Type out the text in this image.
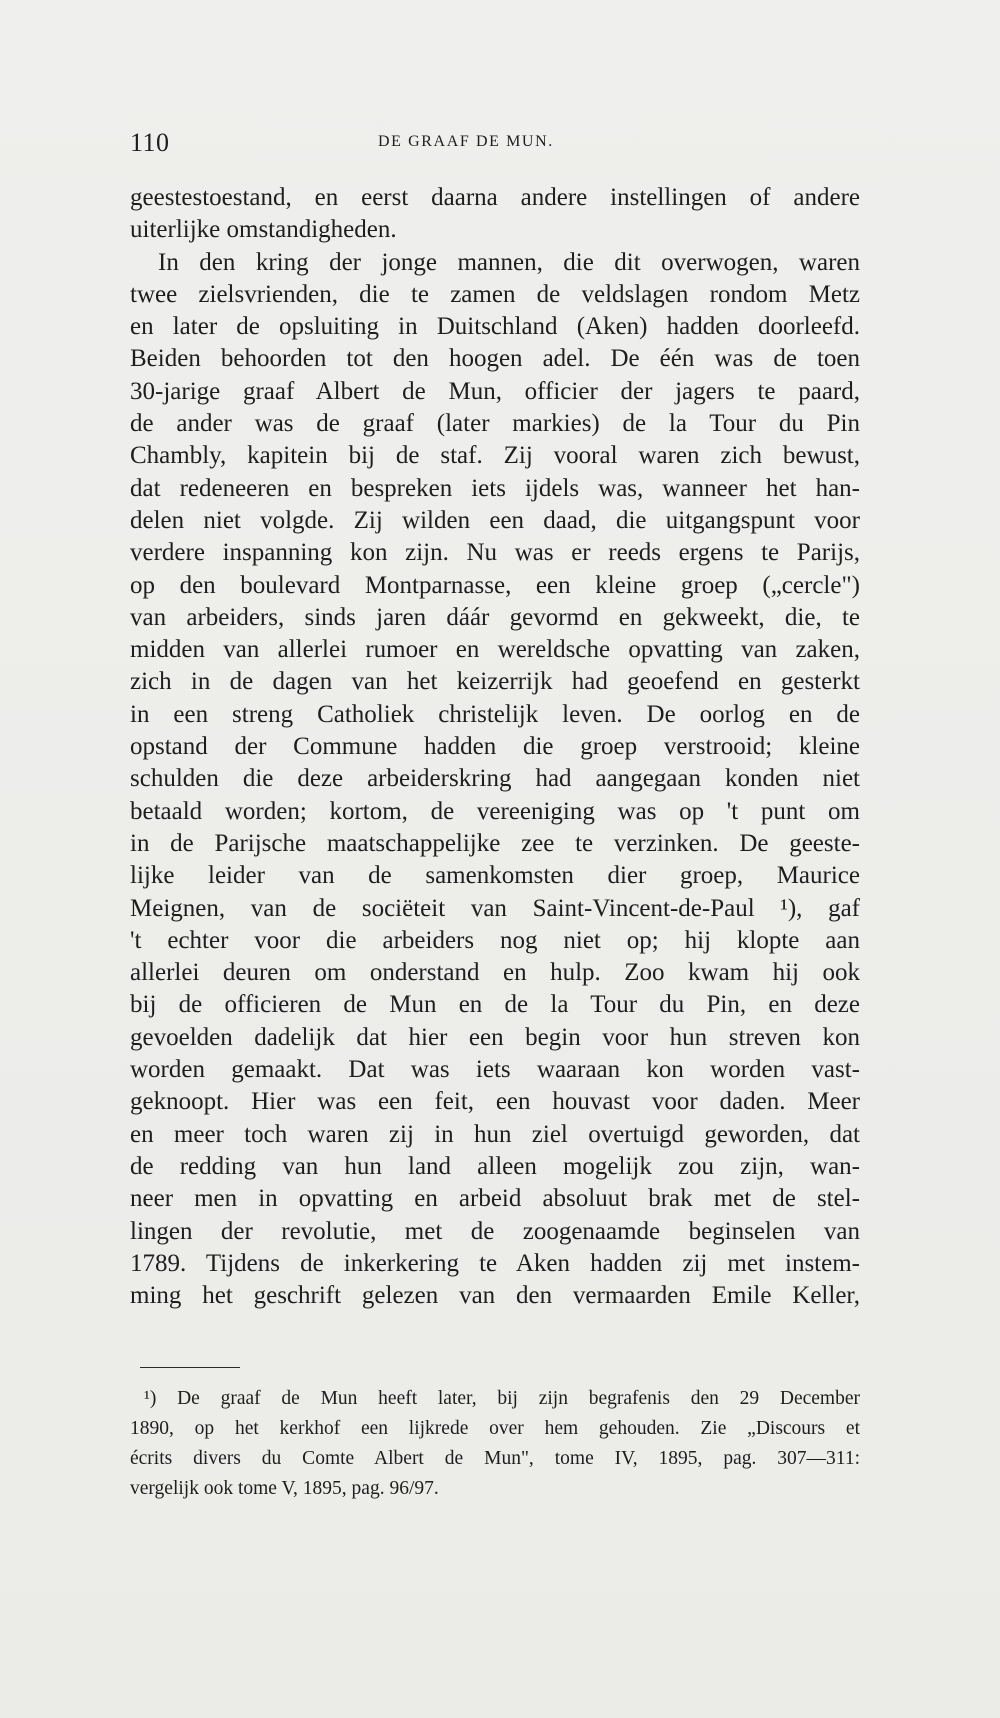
110	DE GRAAF DE MUN.
geestestoestand, en eerst daarna andere instellingen of andere
uiterlijke omstandigheden.
In den kring der jonge mannen, die dit overwogen, waren
twee zielsvrienden, die te zamen de veldslagen rondom Metz
en later de opsluiting in Duitschland (Aken) hadden doorleefd.
Beiden behoorden tot den hoogen adel. De één was de toen
30-jarige graaf Albert de Mun, officier der jagers te paard,
de ander was de graaf (later markies) de la Tour du Pin
Chambly, kapitein bij de staf. Zij vooral waren zich bewust,
dat redeneeren en bespreken iets ijdels was, wanneer het han-
delen niet volgde. Zij wilden een daad, die uitgangspunt voor
verdere inspanning kon zijn. Nu was er reeds ergens te Parijs,
op den boulevard Montparnasse, een kleine groep („cercle")
van arbeiders, sinds jaren dáár gevormd en gekweekt, die, te
midden van allerlei rumoer en wereldsche opvatting van zaken,
zich in de dagen van het keizerrijk had geoefend en gesterkt
in een streng Catholiek christelijk leven. De oorlog en de
opstand der Commune hadden die groep verstrooid; kleine
schulden die deze arbeiderskring had aangegaan konden niet
betaald worden; kortom, de vereeniging was op 't punt om
in de Parijsche maatschappelijke zee te verzinken. De geeste-
lijke leider van de samenkomsten dier groep, Maurice
Meignen, van de sociëteit van Saint-Vincent-de-Paul ¹), gaf
't echter voor die arbeiders nog niet op; hij klopte aan
allerlei deuren om onderstand en hulp. Zoo kwam hij ook
bij de officieren de Mun en de la Tour du Pin, en deze
gevoelden dadelijk dat hier een begin voor hun streven kon
worden gemaakt. Dat was iets waaraan kon worden vast-
geknoopt. Hier was een feit, een houvast voor daden. Meer
en meer toch waren zij in hun ziel overtuigd geworden, dat
de redding van hun land alleen mogelijk zou zijn, wan-
neer men in opvatting en arbeid absoluut brak met de stel-
lingen der revolutie, met de zoogenaamde beginselen van
1789. Tijdens de inkerkering te Aken hadden zij met instem-
ming het geschrift gelezen van den vermaarden Emile Keller,
¹) De graaf de Mun heeft later, bij zijn begrafenis den 29 December
1890, op het kerkhof een lijkrede over hem gehouden. Zie „Discours et
écrits divers du Comte Albert de Mun", tome IV, 1895, pag. 307—311:
vergelijk ook tome V, 1895, pag. 96/97.
